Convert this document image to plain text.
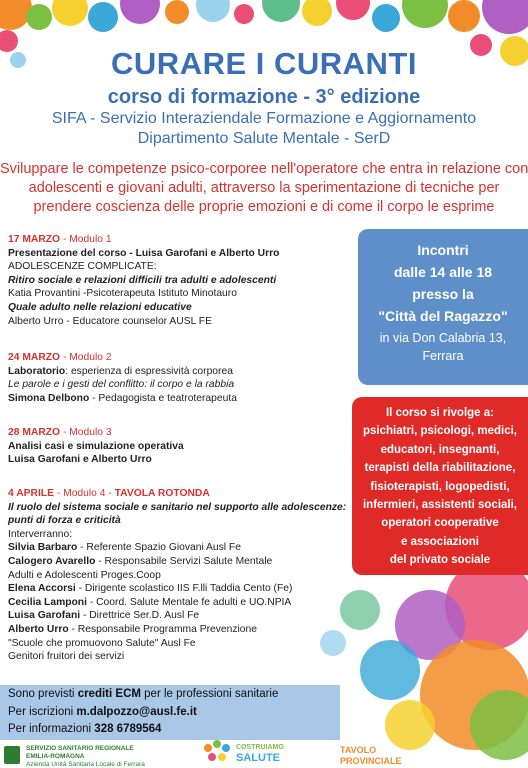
CURARE I CURANTI
corso di formazione - 3° edizione
SIFA - Servizio Interaziendale Formazione e Aggiornamento
Dipartimento Salute Mentale - SerD
Sviluppare le competenze psico-corporee nell'operatore che entra in relazione con
adolescenti e giovani adulti, attraverso la sperimentazione di tecniche per
prendere coscienza delle proprie emozioni e di come il corpo le esprime
17 MARZO - Modulo 1
Presentazione del corso - Luisa Garofani e Alberto Urro
ADOLESCENZE COMPLICATE:
Ritiro sociale e relazioni difficili tra adulti e adolescenti
Katia Provantini -Psicoterapeuta Istituto Minotauro
Quale adulto nelle relazioni educative
Alberto Urro - Educatore counselor AUSL FE
24 MARZO - Modulo 2
Laboratorio: esperienza di espressività corporea
Le parole e i gesti del conflitto: il corpo e la rabbia
Simona Delbono - Pedagogista e teatroterapeuta
28 MARZO - Modulo 3
Analisi casi e simulazione operativa
Luisa Garofani e Alberto Urro
4 APRILE - Modulo 4 - TAVOLA ROTONDA
Il ruolo del sistema sociale e sanitario nel supporto alle adolescenze:
punti di forza e criticità
Interverranno:
Silvia Barbaro - Referente Spazio Giovani Ausl Fe
Calogero Avarello - Responsabile Servizi Salute Mentale
Adulti e Adolescenti Proges.Coop
Elena Accorsi - Dirigente scolastico IIS F.lli Taddia Cento (Fe)
Cecilia Lamponi - Coord. Salute Mentale fe adulti e UO.NPIA
Luisa Garofani - Direttrice Ser.D. Ausl Fe
Alberto Urro - Responsabile Programma Prevenzione
"Scuole che promuovono Salute" Ausl Fe
Genitori fruitori dei servizi
Incontri
dalle 14 alle 18
presso la
"Città del Ragazzo"
in via Don Calabria 13,
Ferrara
Il corso si rivolge a:
psichiatri, psicologi, medici,
educatori, insegnanti,
terapisti della riabilitazione,
fisioterapisti, logopedisti,
infermieri, assistenti sociali,
operatori cooperative
e associazioni
del privato sociale
Sono previsti crediti ECM per le professioni sanitarie
Per iscrizioni m.dalpozzo@ausl.fe.it
Per informazioni 328 6789564
SERVIZIO SANITARIO REGIONALE
EMILIA-ROMAGNA
Azienda Unità Sanitaria Locale di Ferrara
COSTRUIAMO
SALUTE
TAVOLO
PROVINCIALE
